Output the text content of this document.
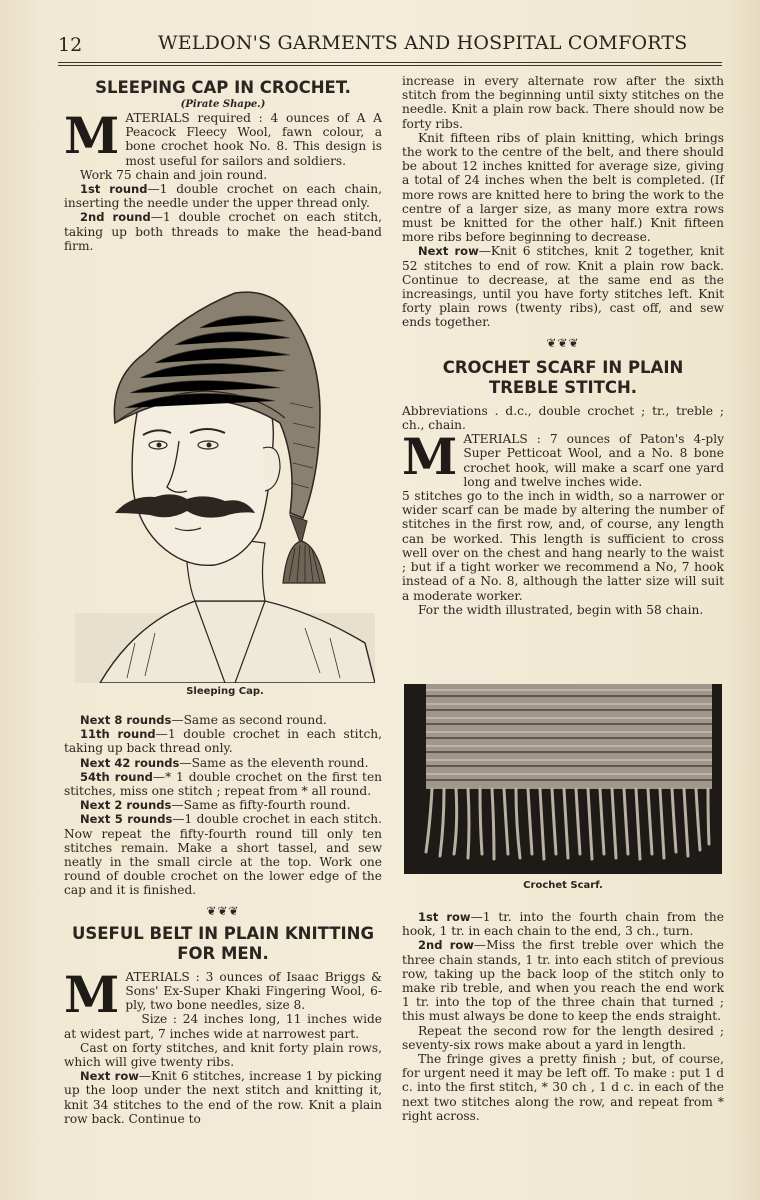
12	WELDON'S GARMENTS AND HOSPITAL COMFORTS

SLEEPING CAP IN CROCHET.

(Pirate Shape.)

MATERIALS required : 4 ounces of A A Peacock Fleecy Wool, fawn colour, a bone crochet hook No. 8. This design is most useful for sailors and soldiers.

Work 75 chain and join round.

1st round—1 double crochet on each chain, inserting the needle under the upper thread only.

2nd round—1 double crochet on each stitch, taking up both threads to make the head-band firm.

Sleeping Cap.

Next 8 rounds—Same as second round.

11th round—1 double crochet in each stitch, taking up back thread only.

Next 42 rounds—Same as the eleventh round.

54th round—* 1 double crochet on the first ten stitches, miss one stitch ; repeat from * all round.

Next 2 rounds—Same as fifty-fourth round.

Next 5 rounds—1 double crochet in each stitch. Now repeat the fifty-fourth round till only ten stitches remain. Make a short tassel, and sew neatly in the small circle at the top. Work one round of double crochet on the lower edge of the cap and it is finished.

❦❦❦

USEFUL BELT IN PLAIN KNITTING

FOR MEN.

MATERIALS : 3 ounces of Isaac Briggs & Sons' Ex-Super Khaki Fingering Wool, 6-ply, two bone needles, size 8.

Size : 24 inches long, 11 inches wide at widest part, 7 inches wide at narrowest part.

Cast on forty stitches, and knit forty plain rows, which will give twenty ribs.

Next row—Knit 6 stitches, increase 1 by picking up the loop under the next stitch and knitting it, knit 34 stitches to the end of the row. Knit a plain row back. Continue to

increase in every alternate row after the sixth stitch from the beginning until sixty stitches on the needle. Knit a plain row back. There should now be forty ribs.

Knit fifteen ribs of plain knitting, which brings the work to the centre of the belt, and there should be about 12 inches knitted for average size, giving a total of 24 inches when the belt is completed. (If more rows are knitted here to bring the work to the centre of a larger size, as many more extra rows must be knitted for the other half.) Knit fifteen more ribs before beginning to decrease.

Next row—Knit 6 stitches, knit 2 together, knit 52 stitches to end of row. Knit a plain row back. Continue to decrease, at the same end as the increasings, until you have forty stitches left. Knit forty plain rows (twenty ribs), cast off, and sew ends together.

❦❦❦

CROCHET SCARF IN PLAIN

TREBLE STITCH.

Abbreviations . d.c., double crochet ; tr., treble ; ch., chain.

MATERIALS : 7 ounces of Paton's 4-ply Super Petticoat Wool, and a No. 8 bone crochet hook, will make a scarf one yard long and twelve inches wide.

5 stitches go to the inch in width, so a narrower or wider scarf can be made by altering the number of stitches in the first row, and, of course, any length can be worked. This length is sufficient to cross well over on the chest and hang nearly to the waist ; but if a tight worker we recommend a No, 7 hook instead of a No. 8, although the latter size will suit a moderate worker.

For the width illustrated, begin with 58 chain.

Crochet Scarf.

1st row—1 tr. into the fourth chain from the hook, 1 tr. in each chain to the end, 3 ch., turn.

2nd row—Miss the first treble over which the three chain stands, 1 tr. into each stitch of previous row, taking up the back loop of the stitch only to make rib treble, and when you reach the end work 1 tr. into the top of the three chain that turned ; this must always be done to keep the ends straight.

Repeat the second row for the length desired ; seventy-six rows make about a yard in length.

The fringe gives a pretty finish ; but, of course, for urgent need it may be left off. To make : put 1 d c. into the first stitch, * 30 ch , 1 d c. in each of the next two stitches along the row, and repeat from * right across.
